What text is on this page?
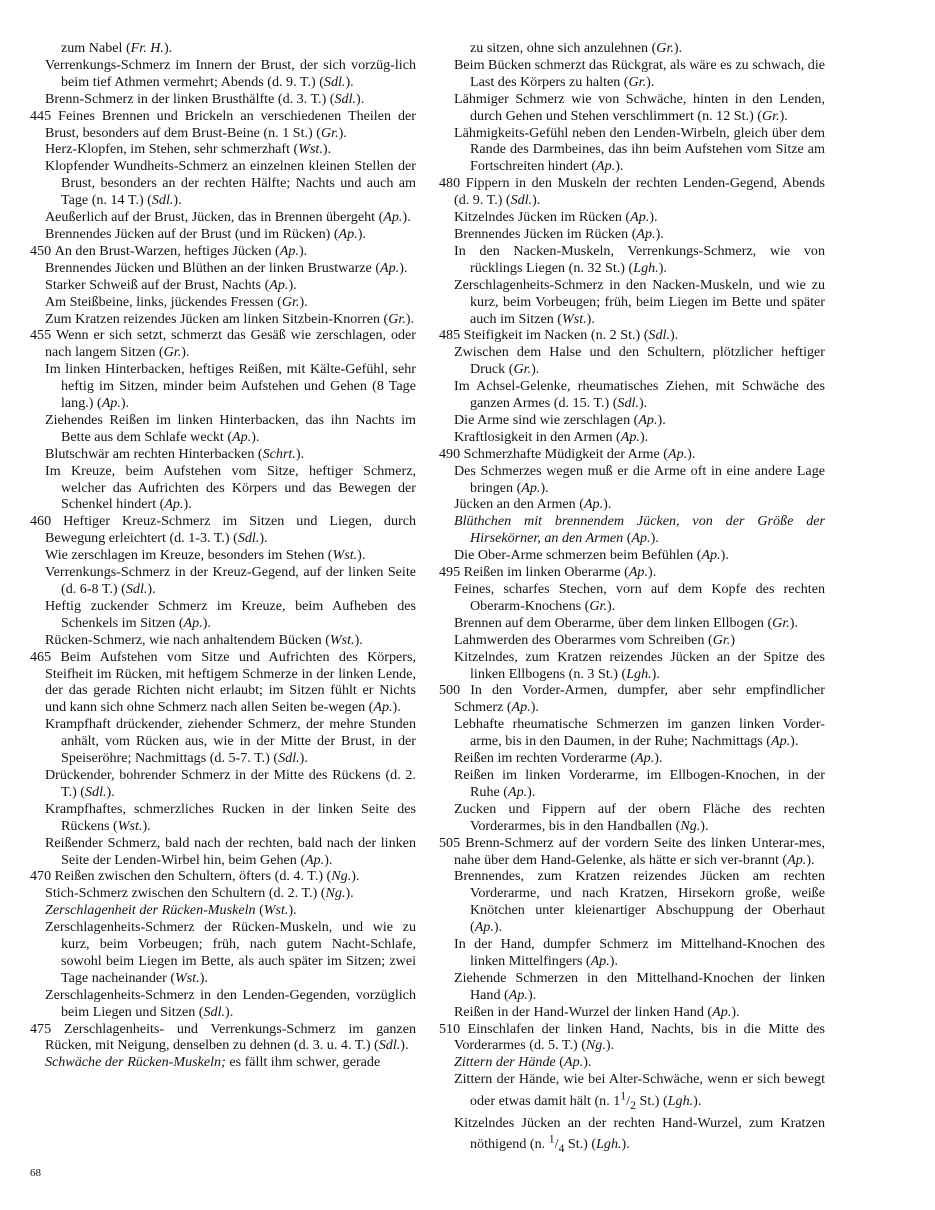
zum Nabel (Fr. H.).

Verrenkungs-Schmerz im Innern der Brust, der sich vorzüg-lich beim tief Athmen vermehrt; Abends (d. 9. T.) (Sdl.).

Brenn-Schmerz in der linken Brusthälfte (d. 3. T.) (Sdl.).

445 Feines Brennen und Brickeln an verschiedenen Theilen der Brust, besonders auf dem Brust-Beine (n. 1 St.) (Gr.).

Herz-Klopfen, im Stehen, sehr schmerzhaft (Wst.).

Klopfender Wundheits-Schmerz an einzelnen kleinen Stellen der Brust, besonders an der rechten Hälfte; Nachts und auch am Tage (n. 14 T.) (Sdl.).

Aeußerlich auf der Brust, Jücken, das in Brennen übergeht (Ap.).

Brennendes Jücken auf der Brust (und im Rücken) (Ap.).

450 An den Brust-Warzen, heftiges Jücken (Ap.).

Brennendes Jücken und Blüthen an der linken Brustwarze (Ap.).

Starker Schweiß auf der Brust, Nachts (Ap.).

Am Steißbeine, links, jückendes Fressen (Gr.).

Zum Kratzen reizendes Jücken am linken Sitzbein-Knorren (Gr.).

455 Wenn er sich setzt, schmerzt das Gesäß wie zerschlagen, oder nach langem Sitzen (Gr.).

Im linken Hinterbacken, heftiges Reißen, mit Kälte-Gefühl, sehr heftig im Sitzen, minder beim Aufstehen und Gehen (8 Tage lang.) (Ap.).

Ziehendes Reißen im linken Hinterbacken, das ihn Nachts im Bette aus dem Schlafe weckt (Ap.).

Blutschwär am rechten Hinterbacken (Schrt.).

Im Kreuze, beim Aufstehen vom Sitze, heftiger Schmerz, welcher das Aufrichten des Körpers und das Bewegen der Schenkel hindert (Ap.).

460 Heftiger Kreuz-Schmerz im Sitzen und Liegen, durch Bewegung erleichtert (d. 1-3. T.) (Sdl.).

Wie zerschlagen im Kreuze, besonders im Stehen (Wst.).

Verrenkungs-Schmerz in der Kreuz-Gegend, auf der linken Seite (d. 6-8 T.) (Sdl.).

Heftig zuckender Schmerz im Kreuze, beim Aufheben des Schenkels im Sitzen (Ap.).

Rücken-Schmerz, wie nach anhaltendem Bücken (Wst.).

465 Beim Aufstehen vom Sitze und Aufrichten des Körpers, Steifheit im Rücken, mit heftigem Schmerze in der linken Lende, der das gerade Richten nicht erlaubt; im Sitzen fühlt er Nichts und kann sich ohne Schmerz nach allen Seiten be-wegen (Ap.).

Krampfhaft drückender, ziehender Schmerz, der mehre Stunden anhält, vom Rücken aus, wie in der Mitte der Brust, in der Speiseröhre; Nachmittags (d. 5-7. T.) (Sdl.).

Drückender, bohrender Schmerz in der Mitte des Rückens (d. 2. T.) (Sdl.).

Krampfhaftes, schmerzliches Rucken in der linken Seite des Rückens (Wst.).

Reißender Schmerz, bald nach der rechten, bald nach der linken Seite der Lenden-Wirbel hin, beim Gehen (Ap.).

470 Reißen zwischen den Schultern, öfters (d. 4. T.) (Ng.).

Stich-Schmerz zwischen den Schultern (d. 2. T.) (Ng.).

Zerschlagenheit der Rücken-Muskeln (Wst.).

Zerschlagenheits-Schmerz der Rücken-Muskeln, und wie zu kurz, beim Vorbeugen; früh, nach gutem Nacht-Schlafe, sowohl beim Liegen im Bette, als auch später im Sitzen; zwei Tage nacheinander (Wst.).

Zerschlagenheits-Schmerz in den Lenden-Gegenden, vorzüglich beim Liegen und Sitzen (Sdl.).

475 Zerschlagenheits- und Verrenkungs-Schmerz im ganzen Rücken, mit Neigung, denselben zu dehnen (d. 3. u. 4. T.) (Sdl.).

Schwäche der Rücken-Muskeln; es fällt ihm schwer, gerade

zu sitzen, ohne sich anzulehnen (Gr.).

Beim Bücken schmerzt das Rückgrat, als wäre es zu schwach, die Last des Körpers zu halten (Gr.).

Lähmiger Schmerz wie von Schwäche, hinten in den Lenden, durch Gehen und Stehen verschlimmert (n. 12 St.) (Gr.).

Lähmigkeits-Gefühl neben den Lenden-Wirbeln, gleich über dem Rande des Darmbeines, das ihn beim Aufstehen vom Sitze am Fortschreiten hindert (Ap.).

480 Fippern in den Muskeln der rechten Lenden-Gegend, Abends (d. 9. T.) (Sdl.).

Kitzelndes Jücken im Rücken (Ap.).

Brennendes Jücken im Rücken (Ap.).

In den Nacken-Muskeln, Verrenkungs-Schmerz, wie von rücklings Liegen (n. 32 St.) (Lgh.).

Zerschlagenheits-Schmerz in den Nacken-Muskeln, und wie zu kurz, beim Vorbeugen; früh, beim Liegen im Bette und später auch im Sitzen (Wst.).

485 Steifigkeit im Nacken (n. 2 St.) (Sdl.).

Zwischen dem Halse und den Schultern, plötzlicher heftiger Druck (Gr.).

Im Achsel-Gelenke, rheumatisches Ziehen, mit Schwäche des ganzen Armes (d. 15. T.) (Sdl.).

Die Arme sind wie zerschlagen (Ap.).

Kraftlosigkeit in den Armen (Ap.).

490 Schmerzhafte Müdigkeit der Arme (Ap.).

Des Schmerzes wegen muß er die Arme oft in eine andere Lage bringen (Ap.).

Jücken an den Armen (Ap.).

Blüthchen mit brennendem Jücken, von der Größe der Hirsekörner, an den Armen (Ap.).

Die Ober-Arme schmerzen beim Befühlen (Ap.).

495 Reißen im linken Oberarme (Ap.).

Feines, scharfes Stechen, vorn auf dem Kopfe des rechten Oberarm-Knochens (Gr.).

Brennen auf dem Oberarme, über dem linken Ellbogen (Gr.).

Lahmwerden des Oberarmes vom Schreiben (Gr.)

Kitzelndes, zum Kratzen reizendes Jücken an der Spitze des linken Ellbogens (n. 3 St.) (Lgh.).

500 In den Vorder-Armen, dumpfer, aber sehr empfindlicher Schmerz (Ap.).

Lebhafte rheumatische Schmerzen im ganzen linken Vorder-arme, bis in den Daumen, in der Ruhe; Nachmittags (Ap.).

Reißen im rechten Vorderarme (Ap.).

Reißen im linken Vorderarme, im Ellbogen-Knochen, in der Ruhe (Ap.).

Zucken und Fippern auf der obern Fläche des rechten Vorderarmes, bis in den Handballen (Ng.).

505 Brenn-Schmerz auf der vordern Seite des linken Unterar-mes, nahe über dem Hand-Gelenke, als hätte er sich ver-brannt (Ap.).

Brennendes, zum Kratzen reizendes Jücken am rechten Vorderarme, und nach Kratzen, Hirsekorn große, weiße Knötchen unter kleienartiger Abschuppung der Oberhaut (Ap.).

In der Hand, dumpfer Schmerz im Mittelhand-Knochen des linken Mittelfingers (Ap.).

Ziehende Schmerzen in den Mittelhand-Knochen der linken Hand (Ap.).

Reißen in der Hand-Wurzel der linken Hand (Ap.).

510 Einschlafen der linken Hand, Nachts, bis in die Mitte des Vorderarmes (d. 5. T.) (Ng.).

Zittern der Hände (Ap.).

Zittern der Hände, wie bei Alter-Schwäche, wenn er sich bewegt oder etwas damit hält (n. $1^1/_2$ St.) (Lgh.).

Kitzelndes Jücken an der rechten Hand-Wurzel, zum Kratzen nöthigend (n. $^1/_4$ St.) (Lgh.).

68
